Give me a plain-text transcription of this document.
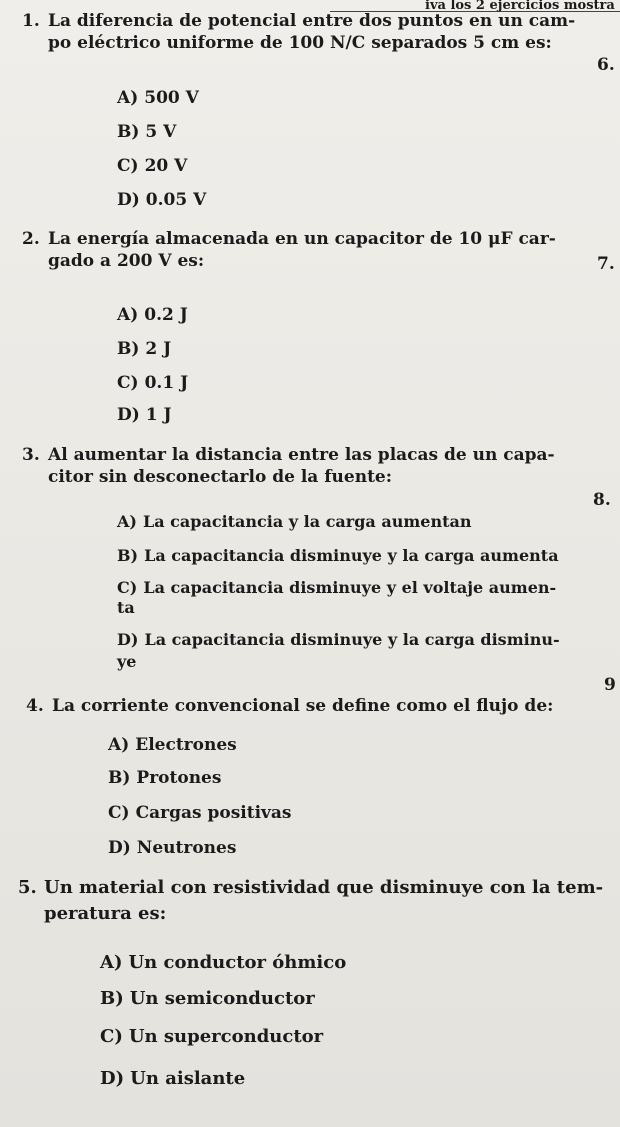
iva los 2 ejercicios mostra
1. La diferencia de potencial entre dos puntos en un cam-
po eléctrico uniforme de 100 N/C separados 5 cm es:
A) 500 V
B) 5 V
C) 20 V
D) 0.05 V
2. La energía almacenada en un capacitor de 10 μF car-
gado a 200 V es:
A) 0.2 J
B) 2 J
C) 0.1 J
D) 1 J
3. Al aumentar la distancia entre las placas de un capa-
citor sin desconectarlo de la fuente:
A) La capacitancia y la carga aumentan
B) La capacitancia disminuye y la carga aumenta
C) La capacitancia disminuye y el voltaje aumen-
ta
D) La capacitancia disminuye y la carga disminu-
ye
4. La corriente convencional se define como el flujo de:
A) Electrones
B) Protones
C) Cargas positivas
D) Neutrones
5. Un material con resistividad que disminuye con la tem-
peratura es:
A) Un conductor óhmico
B) Un semiconductor
C) Un superconductor
D) Un aislante
6.
7.
8.
9
